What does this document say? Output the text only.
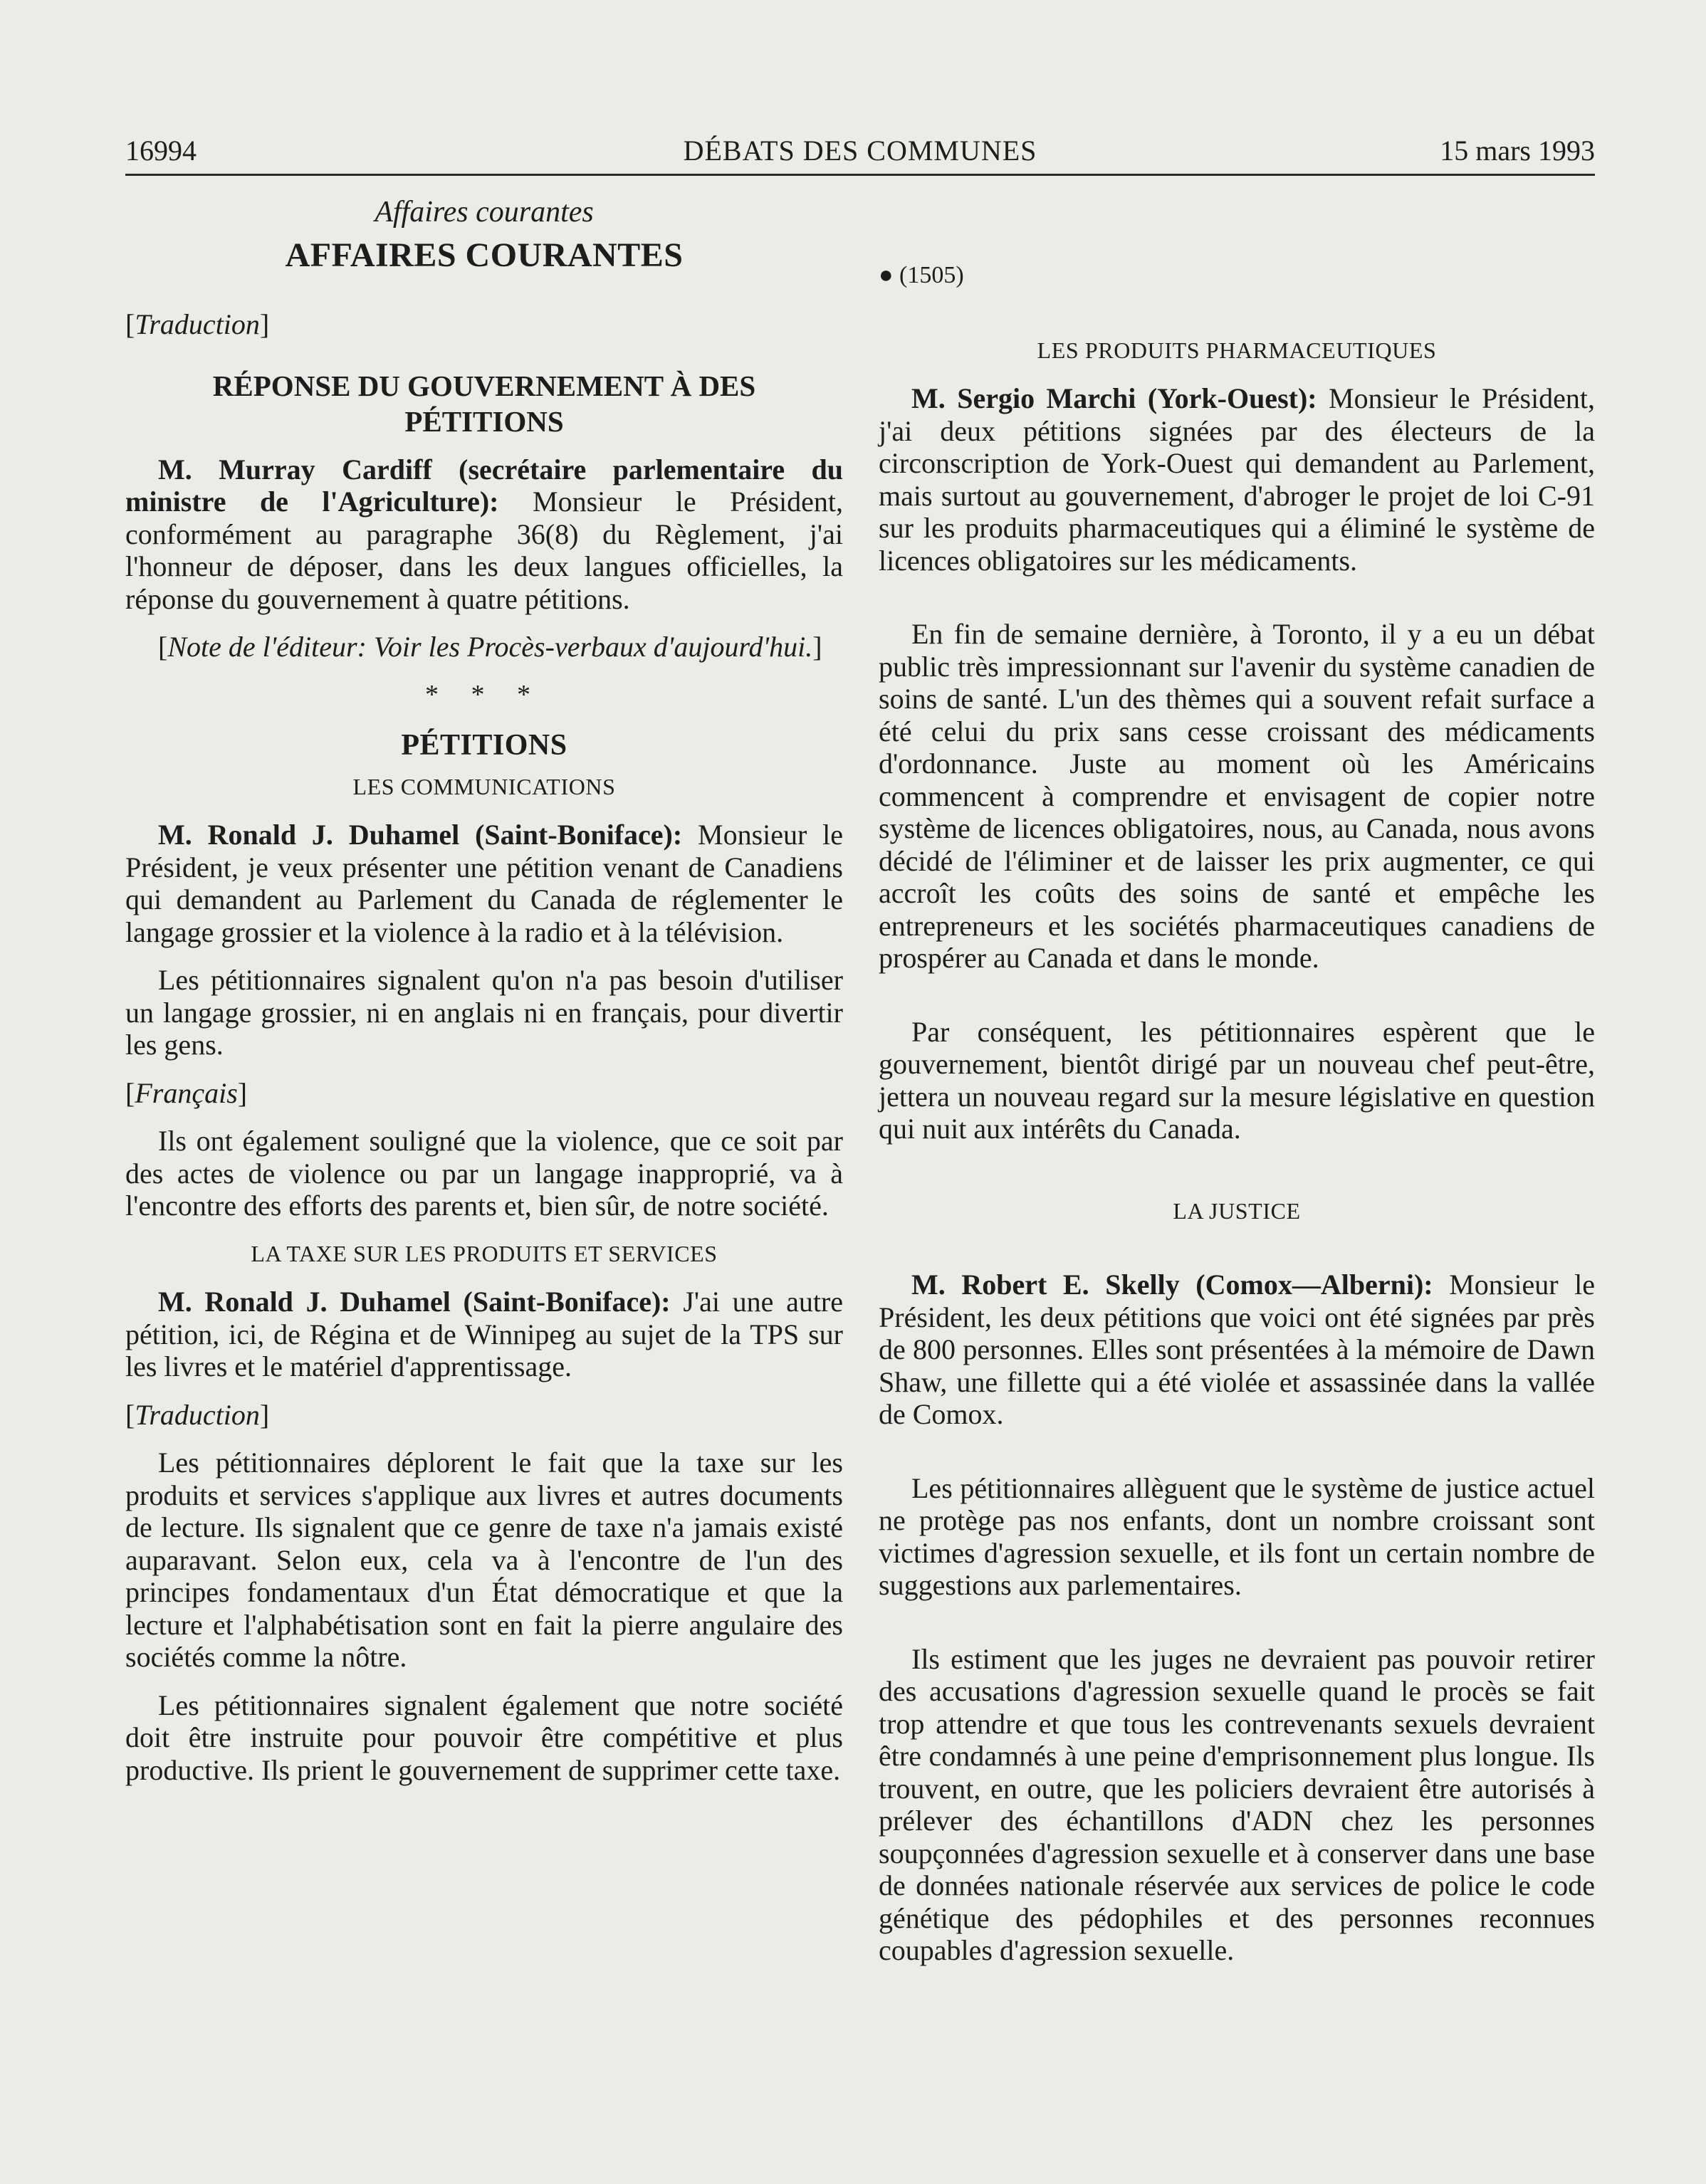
16994	DÉBATS DES COMMUNES	15 mars 1993

Affaires courantes

AFFAIRES COURANTES

[Traduction]

RÉPONSE DU GOUVERNEMENT À DES PÉTITIONS

M. Murray Cardiff (secrétaire parlementaire du ministre de l'Agriculture): Monsieur le Président, conformément au paragraphe 36(8) du Règlement, j'ai l'honneur de déposer, dans les deux langues officielles, la réponse du gouvernement à quatre pétitions.

[Note de l'éditeur: Voir les Procès-verbaux d'aujourd'hui.]

* * *

PÉTITIONS

LES COMMUNICATIONS

M. Ronald J. Duhamel (Saint-Boniface): Monsieur le Président, je veux présenter une pétition venant de Canadiens qui demandent au Parlement du Canada de réglementer le langage grossier et la violence à la radio et à la télévision.

Les pétitionnaires signalent qu'on n'a pas besoin d'utiliser un langage grossier, ni en anglais ni en français, pour divertir les gens.

[Français]

Ils ont également souligné que la violence, que ce soit par des actes de violence ou par un langage inapproprié, va à l'encontre des efforts des parents et, bien sûr, de notre société.

LA TAXE SUR LES PRODUITS ET SERVICES

M. Ronald J. Duhamel (Saint-Boniface): J'ai une autre pétition, ici, de Régina et de Winnipeg au sujet de la TPS sur les livres et le matériel d'apprentissage.

[Traduction]

Les pétitionnaires déplorent le fait que la taxe sur les produits et services s'applique aux livres et autres documents de lecture. Ils signalent que ce genre de taxe n'a jamais existé auparavant. Selon eux, cela va à l'encontre de l'un des principes fondamentaux d'un État démocratique et que la lecture et l'alphabétisation sont en fait la pierre angulaire des sociétés comme la nôtre.

Les pétitionnaires signalent également que notre société doit être instruite pour pouvoir être compétitive et plus productive. Ils prient le gouvernement de supprimer cette taxe.

● (1505)

LES PRODUITS PHARMACEUTIQUES

M. Sergio Marchi (York-Ouest): Monsieur le Président, j'ai deux pétitions signées par des électeurs de la circonscription de York-Ouest qui demandent au Parlement, mais surtout au gouvernement, d'abroger le projet de loi C-91 sur les produits pharmaceutiques qui a éliminé le système de licences obligatoires sur les médicaments.

En fin de semaine dernière, à Toronto, il y a eu un débat public très impressionnant sur l'avenir du système canadien de soins de santé. L'un des thèmes qui a souvent refait surface a été celui du prix sans cesse croissant des médicaments d'ordonnance. Juste au moment où les Américains commencent à comprendre et envisagent de copier notre système de licences obligatoires, nous, au Canada, nous avons décidé de l'éliminer et de laisser les prix augmenter, ce qui accroît les coûts des soins de santé et empêche les entrepreneurs et les sociétés pharmaceutiques canadiens de prospérer au Canada et dans le monde.

Par conséquent, les pétitionnaires espèrent que le gouvernement, bientôt dirigé par un nouveau chef peut-être, jettera un nouveau regard sur la mesure législative en question qui nuit aux intérêts du Canada.

LA JUSTICE

M. Robert E. Skelly (Comox—Alberni): Monsieur le Président, les deux pétitions que voici ont été signées par près de 800 personnes. Elles sont présentées à la mémoire de Dawn Shaw, une fillette qui a été violée et assassinée dans la vallée de Comox.

Les pétitionnaires allèguent que le système de justice actuel ne protège pas nos enfants, dont un nombre croissant sont victimes d'agression sexuelle, et ils font un certain nombre de suggestions aux parlementaires.

Ils estiment que les juges ne devraient pas pouvoir retirer des accusations d'agression sexuelle quand le procès se fait trop attendre et que tous les contrevenants sexuels devraient être condamnés à une peine d'emprisonnement plus longue. Ils trouvent, en outre, que les policiers devraient être autorisés à prélever des échantillons d'ADN chez les personnes soupçonnées d'agression sexuelle et à conserver dans une base de données nationale réservée aux services de police le code génétique des pédophiles et des personnes reconnues coupables d'agression sexuelle.
